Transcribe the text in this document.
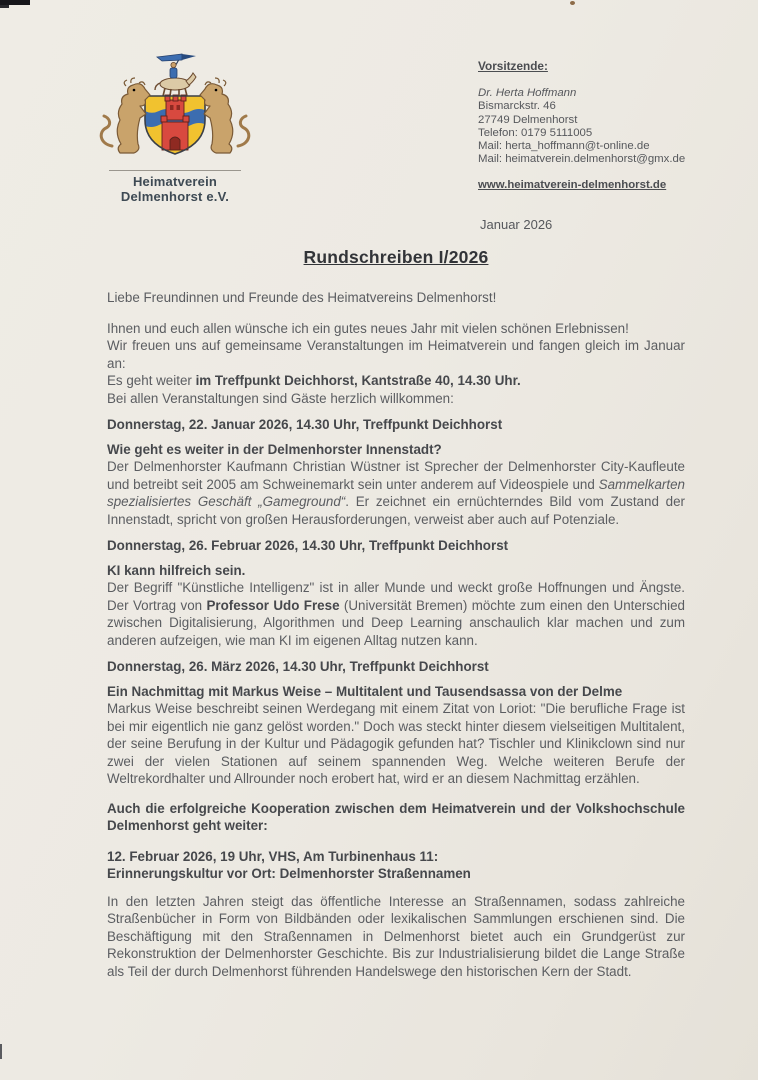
Heimatverein
Delmenhorst e.V.
Vorsitzende:
Dr. Herta Hoffmann
Bismarckstr. 46
27749 Delmenhorst
Telefon: 0179 5111005
Mail: herta_hoffmann@t-online.de
Mail: heimatverein.delmenhorst@gmx.de
www.heimatverein-delmenhorst.de
Januar 2026
Rundschreiben I/2026

Liebe Freundinnen und Freunde des Heimatvereins Delmenhorst!

Ihnen und euch allen wünsche ich ein gutes neues Jahr mit vielen schönen Erlebnissen!

Wir freuen uns auf gemeinsame Veranstaltungen im Heimatverein und fangen gleich im Januar an:

Es geht weiter im Treffpunkt Deichhorst, Kantstraße 40, 14.30 Uhr.

Bei allen Veranstaltungen sind Gäste herzlich willkommen:

Donnerstag, 22. Januar 2026, 14.30 Uhr, Treffpunkt Deichhorst

Wie geht es weiter in der Delmenhorster Innenstadt?

Der Delmenhorster Kaufmann Christian Wüstner ist Sprecher der Delmenhorster City-Kaufleute und betreibt seit 2005 am Schweinemarkt sein unter anderem auf Videospiele und Sammelkarten spezialisiertes Geschäft „Gameground“. Er zeichnet ein ernüchterndes Bild vom Zustand der Innenstadt, spricht von großen Herausforderungen, verweist aber auch auf Potenziale.

Donnerstag, 26. Februar 2026, 14.30 Uhr, Treffpunkt Deichhorst

KI kann hilfreich sein.

Der Begriff "Künstliche Intelligenz" ist in aller Munde und weckt große Hoffnungen und Ängste. Der Vortrag von Professor Udo Frese (Universität Bremen) möchte zum einen den Unterschied zwischen Digitalisierung, Algorithmen und Deep Learning anschaulich klar machen und zum anderen aufzeigen, wie man KI im eigenen Alltag nutzen kann.

Donnerstag, 26. März 2026, 14.30 Uhr, Treffpunkt Deichhorst

Ein Nachmittag mit Markus Weise – Multitalent und Tausendsassa von der Delme

Markus Weise beschreibt seinen Werdegang mit einem Zitat von Loriot: "Die berufliche Frage ist bei mir eigentlich nie ganz gelöst worden." Doch was steckt hinter diesem vielseitigen Multitalent, der seine Berufung in der Kultur und Pädagogik gefunden hat? Tischler und Klinikclown sind nur zwei der vielen Stationen auf seinem spannenden Weg. Welche weiteren Berufe der Weltrekordhalter und Allrounder noch erobert hat, wird er an diesem Nachmittag erzählen.

Auch die erfolgreiche Kooperation zwischen dem Heimatverein und der Volkshochschule Delmenhorst geht weiter:

12. Februar 2026, 19 Uhr, VHS, Am Turbinenhaus 11:

Erinnerungskultur vor Ort: Delmenhorster Straßennamen

In den letzten Jahren steigt das öffentliche Interesse an Straßennamen, sodass zahlreiche Straßenbücher in Form von Bildbänden oder lexikalischen Sammlungen erschienen sind. Die Beschäftigung mit den Straßennamen in Delmenhorst bietet auch ein Grundgerüst zur Rekonstruktion der Delmenhorster Geschichte. Bis zur Industrialisierung bildet die Lange Straße als Teil der durch Delmenhorst führenden Handelswege den historischen Kern der Stadt.
